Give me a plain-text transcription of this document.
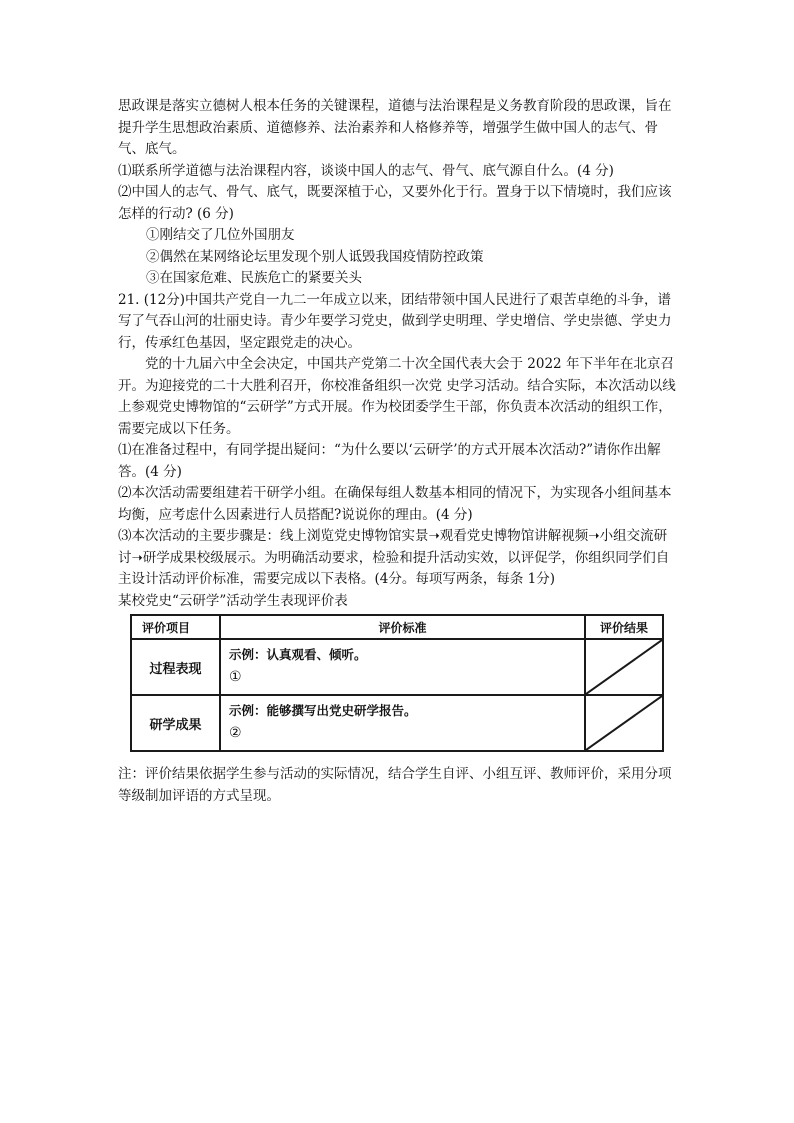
思政课是落实立德树人根本任务的关键课程，道德与法治课程是义务教育阶段的思政课，旨在提升学生思想政治素质、道德修养、法治素养和人格修养等，增强学生做中国人的志气、骨气、底气。

⑴联系所学道德与法治课程内容，谈谈中国人的志气、骨气、底气源自什么。(4 分)

⑵中国人的志气、骨气、底气，既要深植于心，又要外化于行。置身于以下情境时，我们应该怎样的行动? (6 分)

①刚结交了几位外国朋友

②偶然在某网络论坛里发现个别人诋毁我国疫情防控政策

③在国家危难、民族危亡的紧要关头

21. (12分)中国共产党自一九二一年成立以来，团结带领中国人民进行了艰苦卓绝的斗争，谱写了气吞山河的壮丽史诗。青少年要学习党史，做到学史明理、学史增信、学史崇德、学史力行，传承红色基因，坚定跟党走的决心。

党的十九届六中全会决定，中国共产党第二十次全国代表大会于 2022 年下半年在北京召开。为迎接党的二十大胜利召开，你校准备组织一次党 史学习活动。结合实际，本次活动以线上参观党史博物馆的“云研学”方式开展。作为校团委学生干部，你负责本次活动的组织工作，需要完成以下任务。

⑴在准备过程中，有同学提出疑问：“为什么要以‘云研学’的方式开展本次活动?”请你作出解答。(4 分)

⑵本次活动需要组建若干研学小组。在确保每组人数基本相同的情况下，为实现各小组间基本均衡，应考虑什么因素进行人员搭配?说说你的理由。(4 分)

⑶本次活动的主要步骤是：线上浏览党史博物馆实景➝观看党史博物馆讲解视频➝小组交流研讨➝研学成果校级展示。为明确活动要求，检验和提升活动实效，以评促学，你组织同学们自主设计活动评价标准，需要完成以下表格。(4分。每项写两条，每条 1分)

某校党史“云研学”活动学生表现评价表

评价项目	评价标准	评价结果
过程表现	示例：认真观看、倾听。
①

研学成果	示例：能够撰写出党史研学报告。
②

注：评价结果依据学生参与活动的实际情况，结合学生自评、小组互评、教师评价，采用分项等级制加评语的方式呈现。
